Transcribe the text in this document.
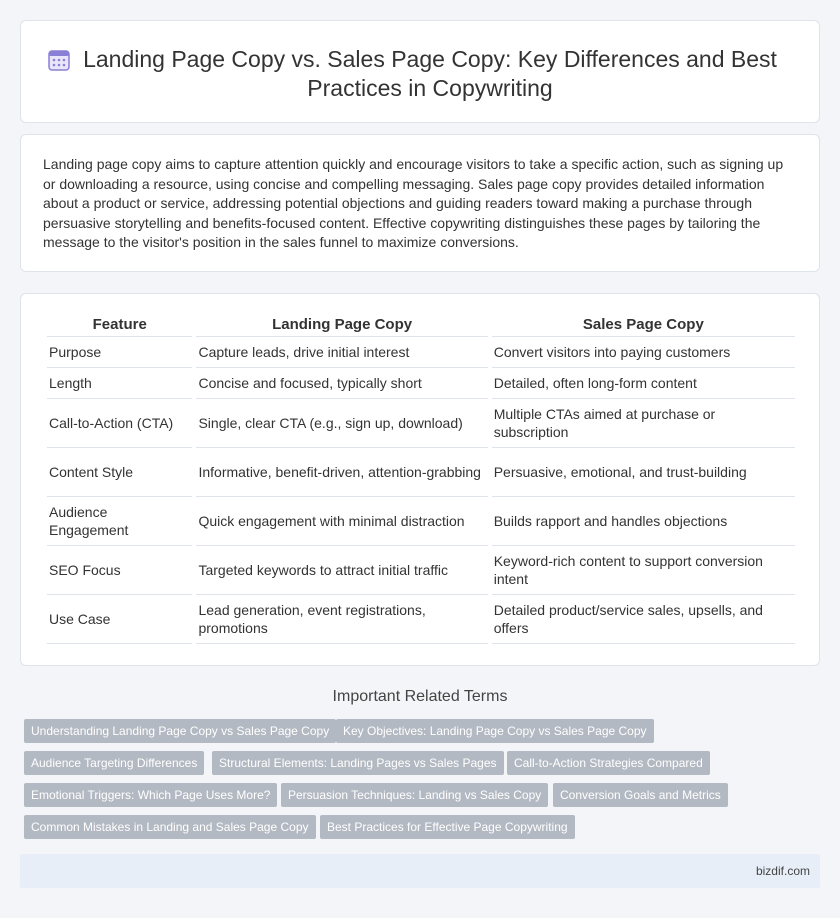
Landing Page Copy vs. Sales Page Copy: Key Differences and Best Practices in Copywriting

Landing page copy aims to capture attention quickly and encourage visitors to take a specific action, such as signing up or downloading a resource, using concise and compelling messaging. Sales page copy provides detailed information about a product or service, addressing potential objections and guiding readers toward making a purchase through persuasive storytelling and benefits-focused content. Effective copywriting distinguishes these pages by tailoring the message to the visitor's position in the sales funnel to maximize conversions.

Feature	Landing Page Copy	Sales Page Copy
Purpose	Capture leads, drive initial interest	Convert visitors into paying customers
Length	Concise and focused, typically short	Detailed, often long-form content
Call-to-Action (CTA)	Single, clear CTA (e.g., sign up, download)	Multiple CTAs aimed at purchase or subscription
Content Style	Informative, benefit-driven, attention-grabbing	Persuasive, emotional, and trust-building
Audience Engagement	Quick engagement with minimal distraction	Builds rapport and handles objections
SEO Focus	Targeted keywords to attract initial traffic	Keyword-rich content to support conversion intent
Use Case	Lead generation, event registrations, promotions	Detailed product/service sales, upsells, and offers
Important Related Terms
Understanding Landing Page Copy vs Sales Page Copy	Key Objectives: Landing Page Copy vs Sales Page Copy
Audience Targeting Differences	Structural Elements: Landing Pages vs Sales Pages	Call-to-Action Strategies Compared
Emotional Triggers: Which Page Uses More?	Persuasion Techniques: Landing vs Sales Copy	Conversion Goals and Metrics
Common Mistakes in Landing and Sales Page Copy	Best Practices for Effective Page Copywriting
bizdif.com
